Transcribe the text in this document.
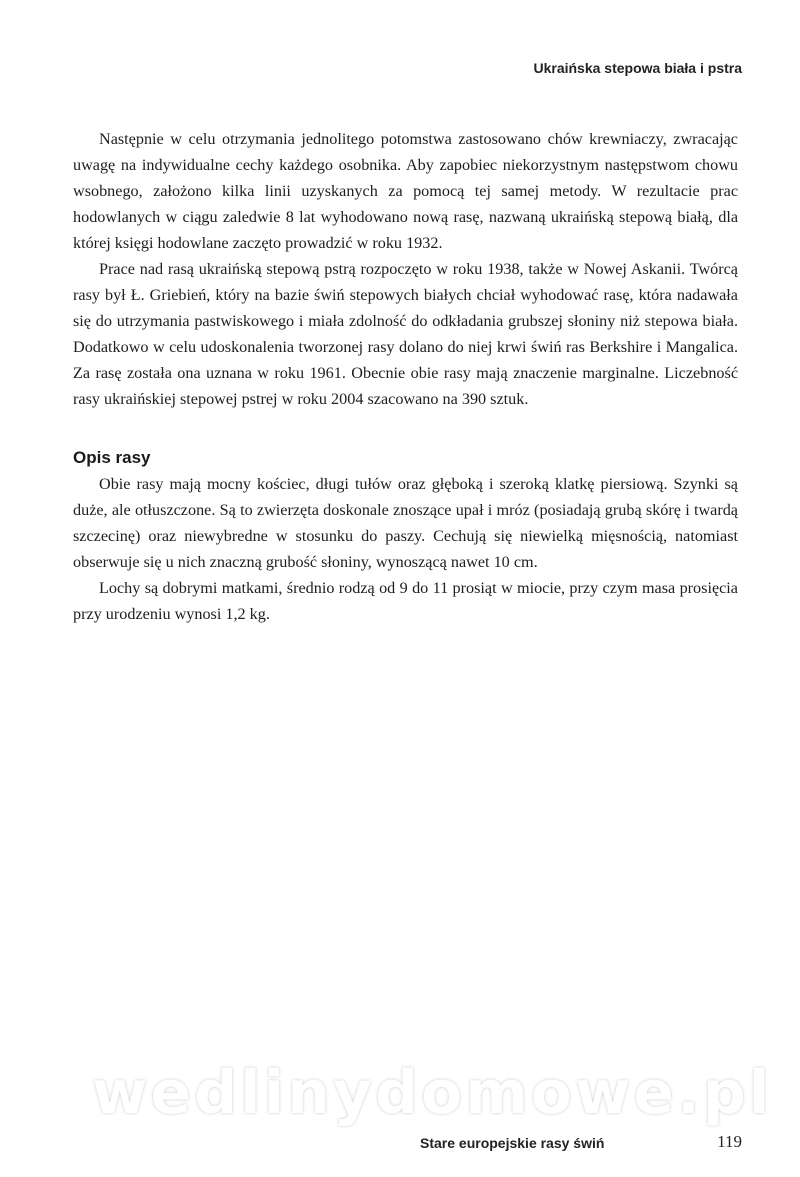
Ukraińska stepowa biała i pstra

Następnie w celu otrzymania jednolitego potomstwa zastosowano chów krewniaczy, zwracając uwagę na indywidualne cechy każdego osobnika. Aby zapobiec niekorzystnym następstwom chowu wsobnego, założono kilka linii uzyskanych za pomocą tej samej metody. W rezultacie prac hodowlanych w ciągu zaledwie 8 lat wyhodowano nową rasę, nazwaną ukraińską stepową białą, dla której księgi hodowlane zaczęto prowadzić w roku 1932.

Prace nad rasą ukraińską stepową pstrą rozpoczęto w roku 1938, także w Nowej Askanii. Twórcą rasy był Ł. Griebień, który na bazie świń stepowych białych chciał wyhodować rasę, która nadawała się do utrzymania pastwiskowego i miała zdolność do odkładania grubszej słoniny niż stepowa biała. Dodatkowo w celu udoskonalenia tworzonej rasy dolano do niej krwi świń ras Berkshire i Mangalica. Za rasę została ona uznana w roku 1961. Obecnie obie rasy mają znaczenie marginalne. Liczebność rasy ukraińskiej stepowej pstrej w roku 2004 szacowano na 390 sztuk.

Opis rasy

Obie rasy mają mocny kościec, długi tułów oraz głęboką i szeroką klatkę piersiową. Szynki są duże, ale otłuszczone. Są to zwierzęta doskonale znoszące upał i mróz (posiadają grubą skórę i twardą szczecinę) oraz niewybredne w stosunku do paszy. Cechują się niewielką mięsnością, natomiast obserwuje się u nich znaczną grubość słoniny, wynoszącą nawet 10 cm.

Lochy są dobrymi matkami, średnio rodzą od 9 do 11 prosiąt w miocie, przy czym masa prosięcia przy urodzeniu wynosi 1,2 kg.

wedlinydomowe.pl
Stare europejskie rasy świń	119
